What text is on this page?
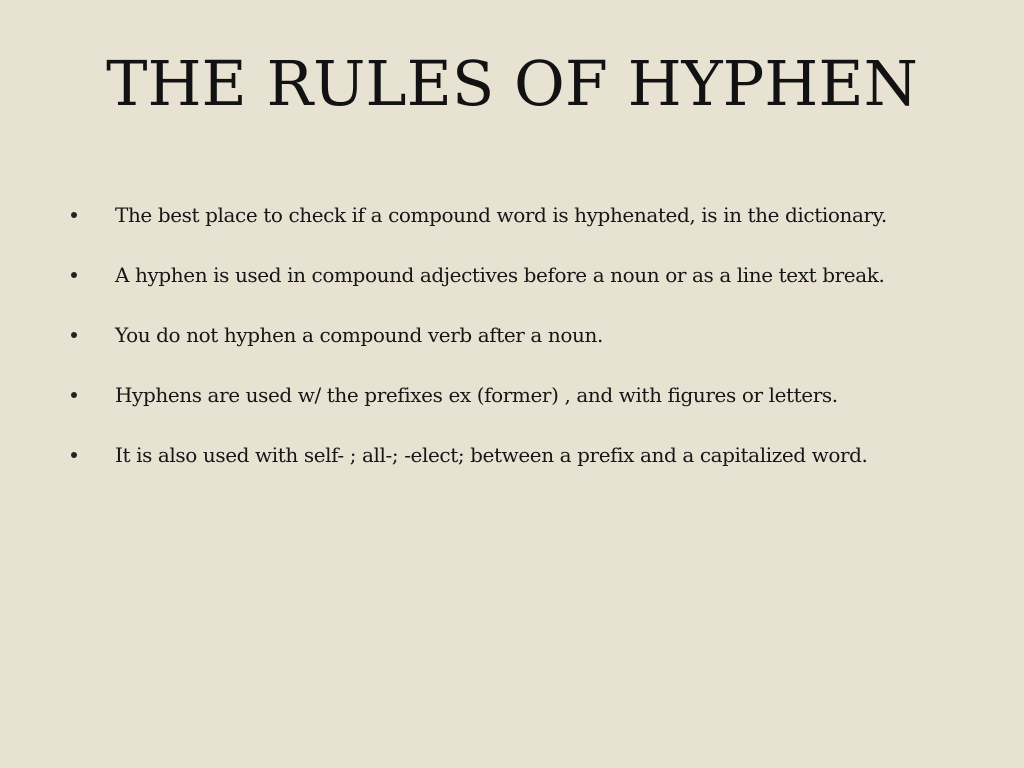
THE RULES OF HYPHEN
The best place to check if a compound word is hyphenated, is in the dictionary.
A hyphen is used in compound adjectives before a noun or as a line text break.
You do not hyphen a compound verb after a noun.
Hyphens are used w/ the prefixes ex (former) , and with figures or letters.
It is also used with self- ; all-; -elect; between a prefix and a capitalized word.
